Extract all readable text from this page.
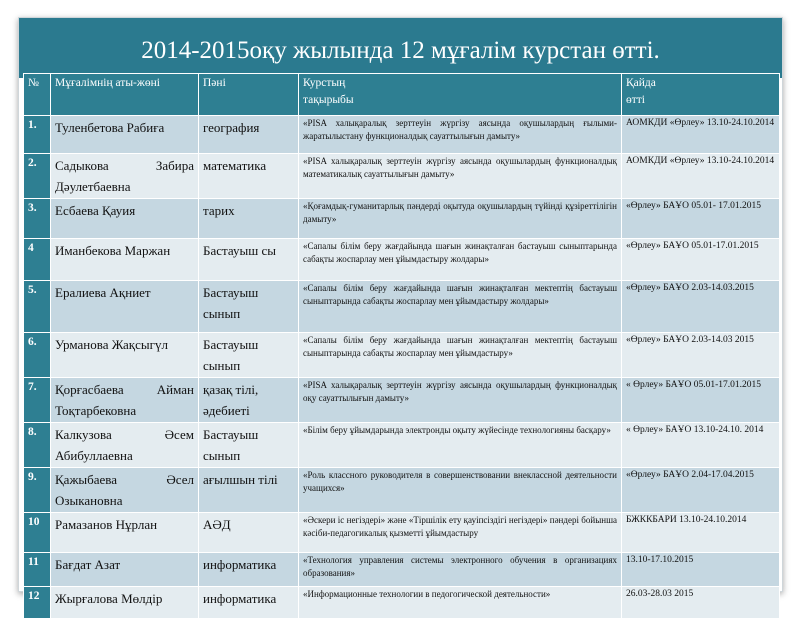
2014-2015оқу жылында 12 мұғалім курстан өтті.
№	Мұғалімнің аты-жөні	Пәні	Курстың тақырыбы	Қайда өтті
1.	Туленбетова Рабиға	география	«PISA халықаралық зерттеуін жүргізу аясында оқушылардың ғылыми-жаратылыстану функционалдық сауаттылығын дамыту»	АОМКДИ «Өрлеу» 13.10-24.10.2014
2.	Садыкова Забира Дәулетбаевна	математика	«PISA халықаралық зерттеуін жүргізу аясында оқушылардың функционалдық математикалық сауаттылығын дамыту»	АОМКДИ «Өрлеу» 13.10-24.10.2014
3.	Есбаева Қауия	тарих	«Қоғамдық-гуманитарлық пәндерді оқытуда оқушылардың түйінді құзіреттілігін дамыту»	«Өрлеу» БАҰО 05.01- 17.01.2015
4	Иманбекова Маржан	Бастауыш сы	«Сапалы білім беру жағдайында шағын жинақталған бастауыш сыныптарында сабақты жоспарлау мен ұйымдастыру жолдары»	«Өрлеу» БАҰО 05.01-17.01.2015
5.	Ералиева Ақниет	Бастауыш сынып	«Сапалы білім беру жағдайында шағын жинақталған мектептің бастауыш сыныптарында сабақты жоспарлау мен ұйымдастыру жолдары»	«Өрлеу» БАҰО 2.03-14.03.2015
6.	Урманова Жақсыгүл	Бастауыш сынып	«Сапалы білім беру жағдайында шағын жинақталған мектептің бастауыш сыныптарында сабақты жоспарлау мен ұйымдастыру»	«Өрлеу» БАҰО 2.03-14.03 2015
7.	Қорғасбаева Айман Тоқтарбековна	қазақ тілі, әдебиеті	«PISA халықаралық зерттеуін жүргізу аясында оқушылардың функционалдық оқу сауаттылығын дамыту»	« Өрлеу» БАҰО 05.01-17.01.2015
8.	Калкузова Әсем Абибуллаевна	Бастауыш сынып	«Білім беру ұйымдарында электронды оқыту жүйесінде технологияны басқару»	« Өрлеу» БАҰО 13.10-24.10. 2014
9.	Қажыбаева Әсел Озыкановна	ағылшын тілі	«Роль классного руководителя в совершенствовании внеклассной деятельности учащихся»	«Өрлеу» БАҰО 2.04-17.04.2015
10	Рамазанов Нұрлан	АӘД	«Әскери іс негіздері» және «Тіршілік ету қауіпсіздігі негіздері» пәндері бойынша кәсіби-педагогикалық қызметті ұйымдастыру	БЖККБАРИ 13.10-24.10.2014
11	Бағдат Азат	информатика	«Технология управления системы электронного обучения в организациях образования»	13.10-17.10.2015
12	Жырғалова Мөлдір	информатика	«Информационные технологии в педогогической деятельности»	26.03-28.03 2015
